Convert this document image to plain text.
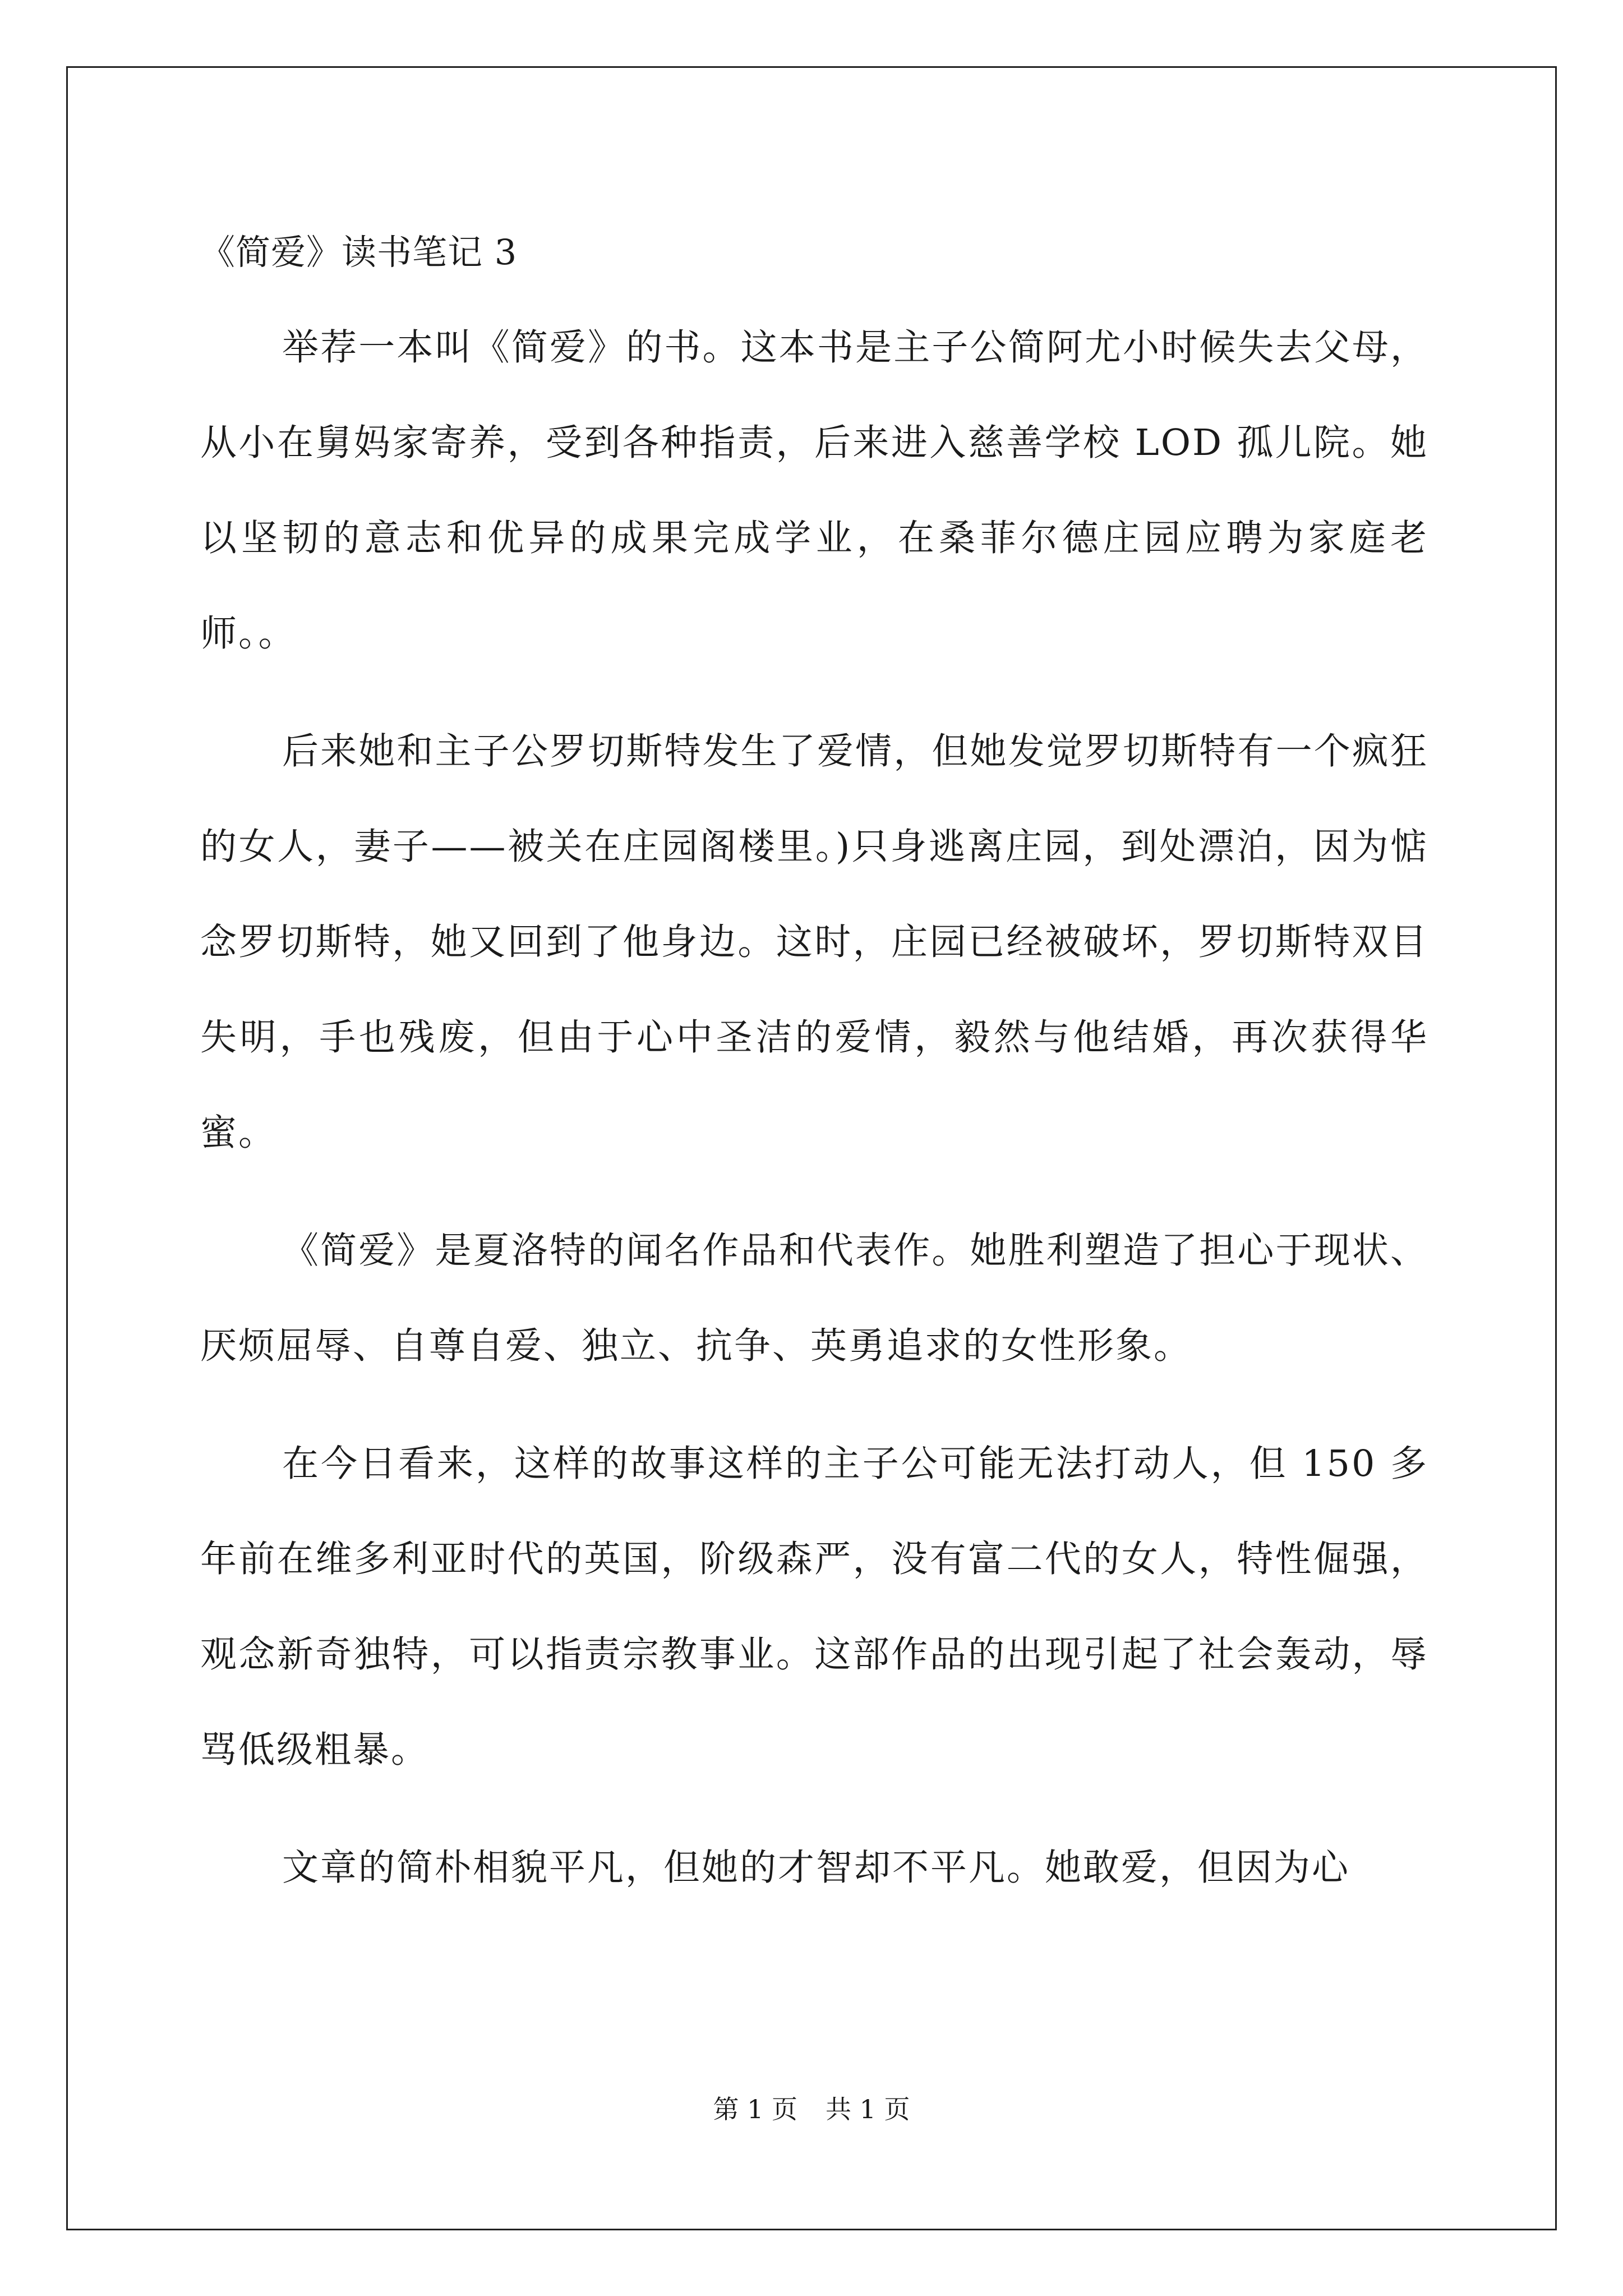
《简爱》读书笔记 3

举荐一本叫《简爱》的书。这本书是主子公简阿尤小时候失去父母，从小在舅妈家寄养，受到各种指责，后来进入慈善学校 LOD 孤儿院。她以坚韧的意志和优异的成果完成学业，在桑菲尔德庄园应聘为家庭老师。。

后来她和主子公罗切斯特发生了爱情，但她发觉罗切斯特有一个疯狂的女人，妻子——被关在庄园阁楼里。)只身逃离庄园，到处漂泊，因为惦念罗切斯特，她又回到了他身边。这时，庄园已经被破坏，罗切斯特双目失明，手也残废，但由于心中圣洁的爱情，毅然与他结婚，再次获得华蜜。

《简爱》是夏洛特的闻名作品和代表作。她胜利塑造了担心于现状、厌烦屈辱、自尊自爱、独立、抗争、英勇追求的女性形象。

在今日看来，这样的故事这样的主子公可能无法打动人，但 150 多年前在维多利亚时代的英国，阶级森严，没有富二代的女人，特性倔强，观念新奇独特，可以指责宗教事业。这部作品的出现引起了社会轰动，辱骂低级粗暴。

文章的简朴相貌平凡，但她的才智却不平凡。她敢爱，但因为心

第 1 页 共 1 页
